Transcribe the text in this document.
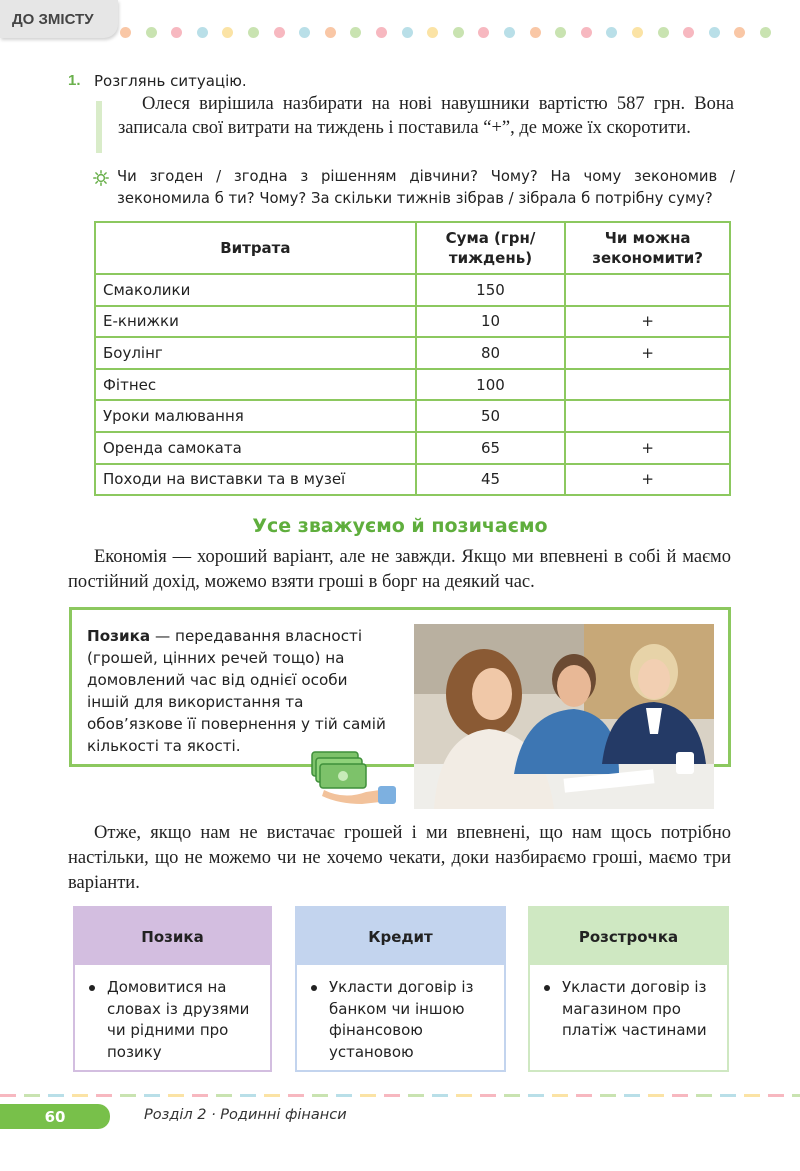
ДО ЗМІСТУ
1. Розглянь ситуацію.

Олеся вирішила назбирати на нові навушники вартістю 587 грн. Вона записала свої витрати на тиждень і поставила “+”, де може їх скоротити.

Чи згоден / згодна з рішенням дівчини? Чому? На чому зекономив / зекономила б ти? Чому? За скільки тижнів зібрав / зібрала б потрібну суму?

Витрата	Сума (грн/тиждень)	Чи можна зекономити?
Смаколики	150	
Е-книжки	10	+
Боулінг	80	+
Фітнес	100	
Уроки малювання	50	
Оренда самоката	65	+
Походи на виставки та в музеї	45	+
Усе зважуємо й позичаємо

Економія — хороший варіант, але не завжди. Якщо ми впевнені в собі й маємо постійний дохід, можемо взяти гроші в борг на деякий час.

Позика — передавання власності (грошей, цінних речей тощо) на домовлений час від однієї особи іншій для використання та обов’язкове її повернення у тій самій кількості та якості.

Отже, якщо нам не вистачає грошей і ми впевнені, що нам щось потрібно настільки, що не можемо чи не хочемо чекати, доки назбираємо гроші, маємо три варіанти.

Позика
Домовитися на словах із друзями чи рідними про позику
Кредит
Укласти договір із банком чи іншою фінансовою установою
Розстрочка
Укласти договір із магазином про платіж частинами
60	Розділ 2 · Родинні фінанси
